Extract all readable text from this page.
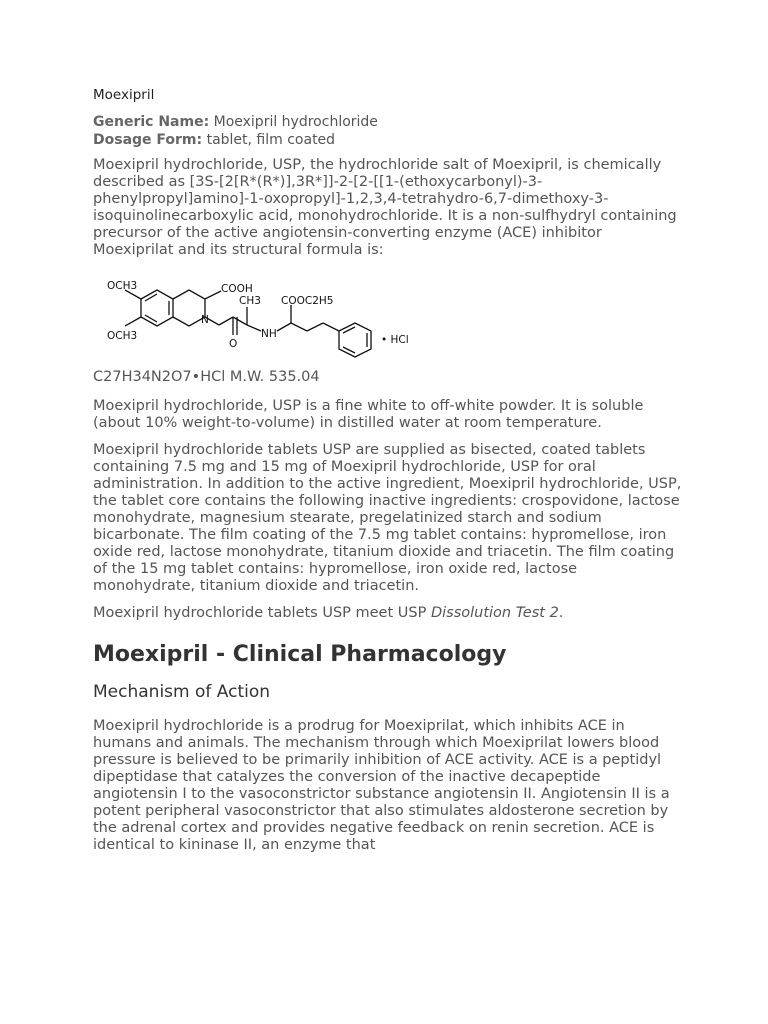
Moexipril
Generic Name: Moexipril hydrochloride
Dosage Form: tablet, film coated

Moexipril hydrochloride, USP, the hydrochloride salt of Moexipril, is chemically described as [3S-[2[R*(R*)],3R*]]-2-[2-[[1-(ethoxycarbonyl)-3-phenylpropyl]amino]-1-oxopropyl]-1,2,3,4-tetrahydro-6,7-dimethoxy-3-isoquinolinecarboxylic acid, monohydrochloride. It is a non-sulfhydryl containing precursor of the active angiotensin-converting enzyme (ACE) inhibitor Moexiprilat and its structural formula is:

OCH3
OCH3
COOH
N
CH3
O
NH
COOC2H5
• HCl
C27H34N2O7•HCl M.W. 535.04

Moexipril hydrochloride, USP is a fine white to off-white powder. It is soluble (about 10% weight-to-volume) in distilled water at room temperature.

Moexipril hydrochloride tablets USP are supplied as bisected, coated tablets containing 7.5 mg and 15 mg of Moexipril hydrochloride, USP for oral administration. In addition to the active ingredient, Moexipril hydrochloride, USP, the tablet core contains the following inactive ingredients: crospovidone, lactose monohydrate, magnesium stearate, pregelatinized starch and sodium bicarbonate. The film coating of the 7.5 mg tablet contains: hypromellose, iron oxide red, lactose monohydrate, titanium dioxide and triacetin. The film coating of the 15 mg tablet contains: hypromellose, iron oxide red, lactose monohydrate, titanium dioxide and triacetin.

Moexipril hydrochloride tablets USP meet USP Dissolution Test 2.

Moexipril - Clinical Pharmacology
Mechanism of Action

Moexipril hydrochloride is a prodrug for Moexiprilat, which inhibits ACE in humans and animals. The mechanism through which Moexiprilat lowers blood pressure is believed to be primarily inhibition of ACE activity. ACE is a peptidyl dipeptidase that catalyzes the conversion of the inactive decapeptide angiotensin I to the vasoconstrictor substance angiotensin II. Angiotensin II is a potent peripheral vasoconstrictor that also stimulates aldosterone secretion by the adrenal cortex and provides negative feedback on renin secretion. ACE is identical to kininase II, an enzyme that
